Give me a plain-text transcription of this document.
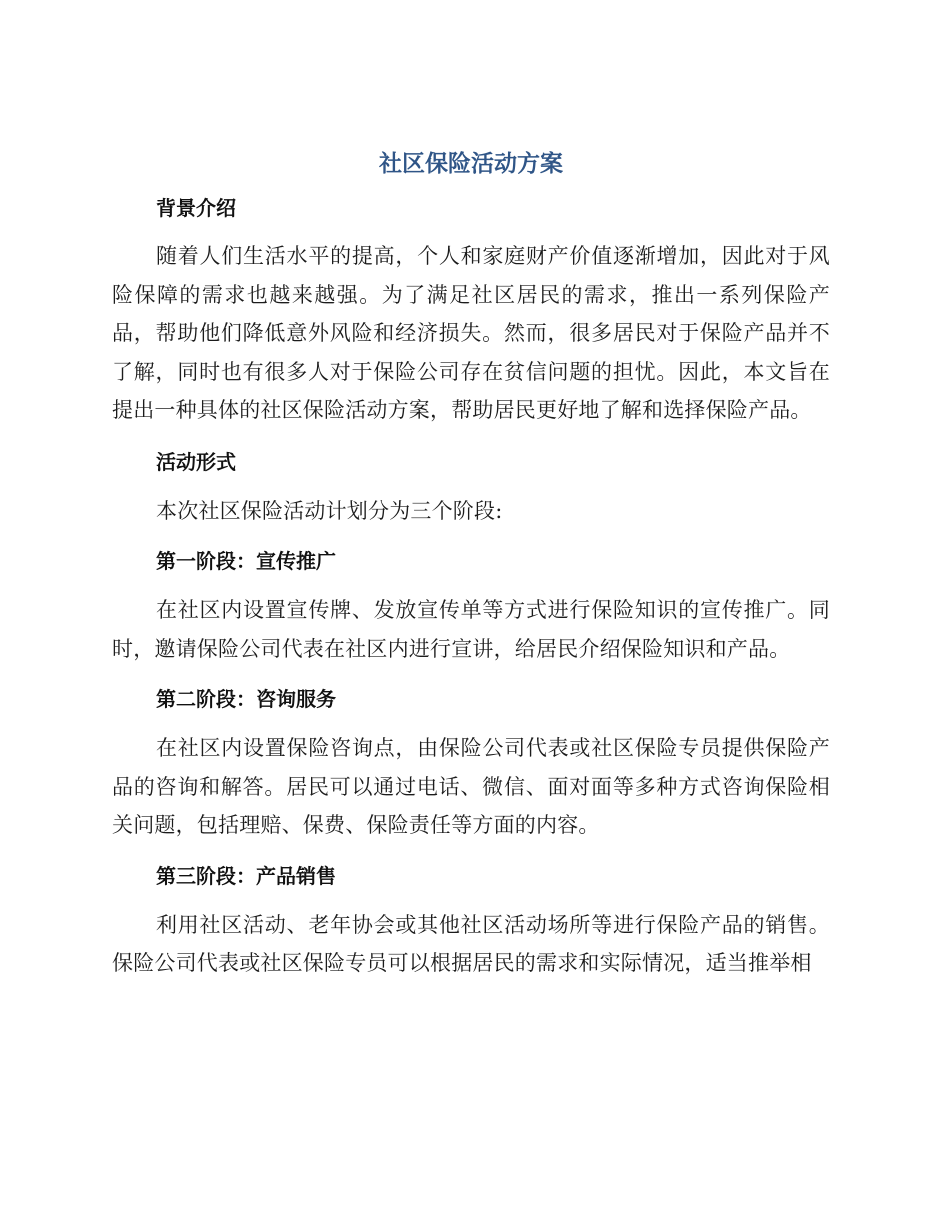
社区保险活动方案
背景介绍

随着人们生活水平的提高，个人和家庭财产价值逐渐增加，因此对于风险保障的需求也越来越强。为了满足社区居民的需求，推出一系列保险产品，帮助他们降低意外风险和经济损失。然而，很多居民对于保险产品并不了解，同时也有很多人对于保险公司存在贫信问题的担忧。因此，本文旨在提出一种具体的社区保险活动方案，帮助居民更好地了解和选择保险产品。

活动形式

本次社区保险活动计划分为三个阶段:

第一阶段：宣传推广

在社区内设置宣传牌、发放宣传单等方式进行保险知识的宣传推广。同时，邀请保险公司代表在社区内进行宣讲，给居民介绍保险知识和产品。

第二阶段：咨询服务

在社区内设置保险咨询点，由保险公司代表或社区保险专员提供保险产品的咨询和解答。居民可以通过电话、微信、面对面等多种方式咨询保险相关问题，包括理赔、保费、保险责任等方面的内容。

第三阶段：产品销售

利用社区活动、老年协会或其他社区活动场所等进行保险产品的销售。保险公司代表或社区保险专员可以根据居民的需求和实际情况，适当推举相
